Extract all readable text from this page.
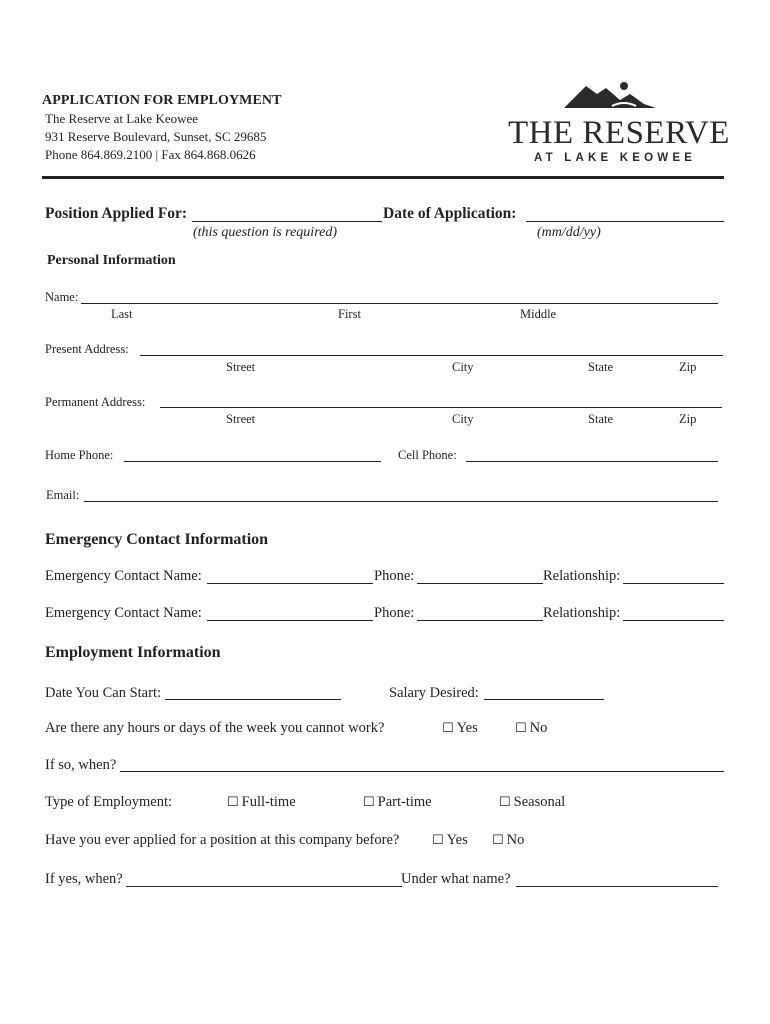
APPLICATION FOR EMPLOYMENT
The Reserve at Lake Keowee
931 Reserve Boulevard, Sunset, SC 29685
Phone 864.869.2100 | Fax 864.868.0626
THE RESERVE
AT LAKE KEOWEE
Position Applied For:	Date of Application:
(this question is required)	(mm/dd/yy)
Personal Information
Name:
Last	First	Middle
Present Address:
Street	City	State	Zip
Permanent Address:
Street	City	State	Zip
Home Phone:	Cell Phone:
Email:
Emergency Contact Information
Emergency Contact Name:	Phone:	Relationship:
Emergency Contact Name:	Phone:	Relationship:
Employment Information
Date You Can Start:	Salary Desired:
Are there any hours or days of the week you cannot work?	☐ Yes	☐ No
If so, when?
Type of Employment:	☐ Full-time	☐ Part-time	☐ Seasonal
Have you ever applied for a position at this company before?	☐ Yes ☐ No
If yes, when?	Under what name?
